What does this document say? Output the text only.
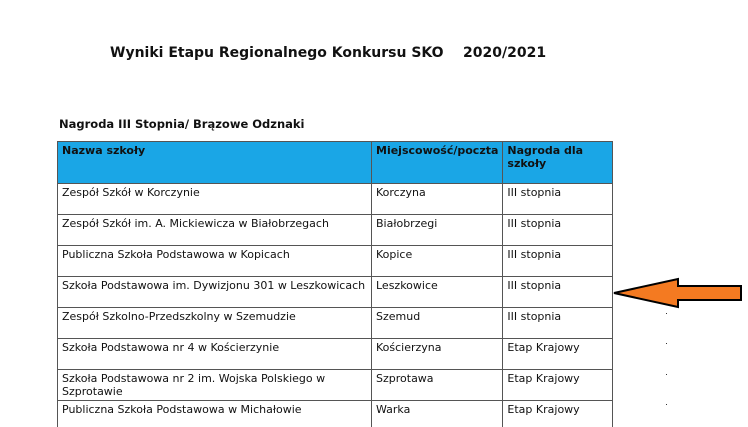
Wyniki Etapu Regionalnego Konkursu SKO    2020/2021
Nagroda III Stopnia/ Brązowe Odznaki
Nazwa szkoły	Miejscowość/poczta	Nagroda dla szkoły
Zespół Szkół w Korczynie	Korczyna	III stopnia
Zespół Szkół im. A. Mickiewicza w Białobrzegach	Białobrzegi	III stopnia
Publiczna Szkoła Podstawowa w Kopicach	Kopice	III stopnia
Szkoła Podstawowa im. Dywizjonu 301 w Leszkowicach	Leszkowice	III stopnia
Zespół Szkolno-Przedszkolny w Szemudzie	Szemud	III stopnia
Szkoła Podstawowa nr 4 w Kościerzynie	Kościerzyna	Etap Krajowy
Szkoła Podstawowa nr 2 im. Wojska Polskiego w Szprotawie	Szprotawa	Etap Krajowy
Publiczna Szkoła Podstawowa w Michałowie	Warka	Etap Krajowy
